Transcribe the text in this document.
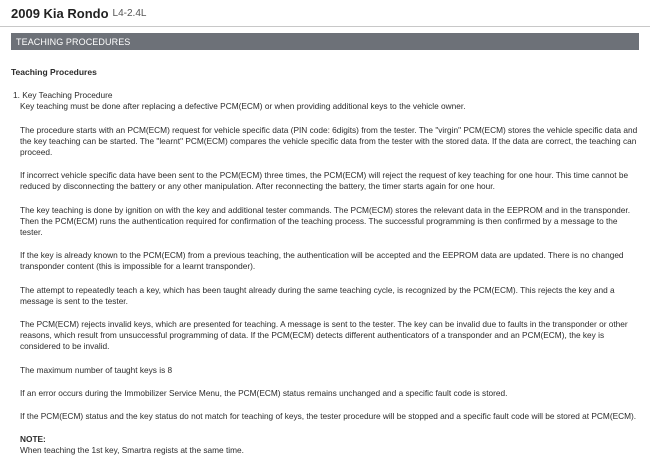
2009 Kia Rondo L4-2.4L
TEACHING PROCEDURES
Teaching Procedures
1. Key Teaching Procedure

Key teaching must be done after replacing a defective PCM(ECM) or when providing additional keys to the vehicle owner.

The procedure starts with an PCM(ECM) request for vehicle specific data (PIN code: 6digits) from the tester. The "virgin" PCM(ECM) stores the vehicle specific data and the key teaching can be started. The "learnt" PCM(ECM) compares the vehicle specific data from the tester with the stored data. If the data are correct, the teaching can proceed.

If incorrect vehicle specific data have been sent to the PCM(ECM) three times, the PCM(ECM) will reject the request of key teaching for one hour. This time cannot be reduced by disconnecting the battery or any other manipulation. After reconnecting the battery, the timer starts again for one hour.

The key teaching is done by ignition on with the key and additional tester commands. The PCM(ECM) stores the relevant data in the EEPROM and in the transponder. Then the PCM(ECM) runs the authentication required for confirmation of the teaching process. The successful programming is then confirmed by a message to the tester.

If the key is already known to the PCM(ECM) from a previous teaching, the authentication will be accepted and the EEPROM data are updated. There is no changed transponder content (this is impossible for a learnt transponder).

The attempt to repeatedly teach a key, which has been taught already during the same teaching cycle, is recognized by the PCM(ECM). This rejects the key and a message is sent to the tester.

The PCM(ECM) rejects invalid keys, which are presented for teaching. A message is sent to the tester. The key can be invalid due to faults in the transponder or other reasons, which result from unsuccessful programming of data. If the PCM(ECM) detects different authenticators of a transponder and an PCM(ECM), the key is considered to be invalid.

The maximum number of taught keys is 8

If an error occurs during the Immobilizer Service Menu, the PCM(ECM) status remains unchanged and a specific fault code is stored.

If the PCM(ECM) status and the key status do not match for teaching of keys, the tester procedure will be stopped and a specific fault code will be stored at PCM(ECM).

NOTE:
When teaching the 1st key, Smartra regists at the same time.
